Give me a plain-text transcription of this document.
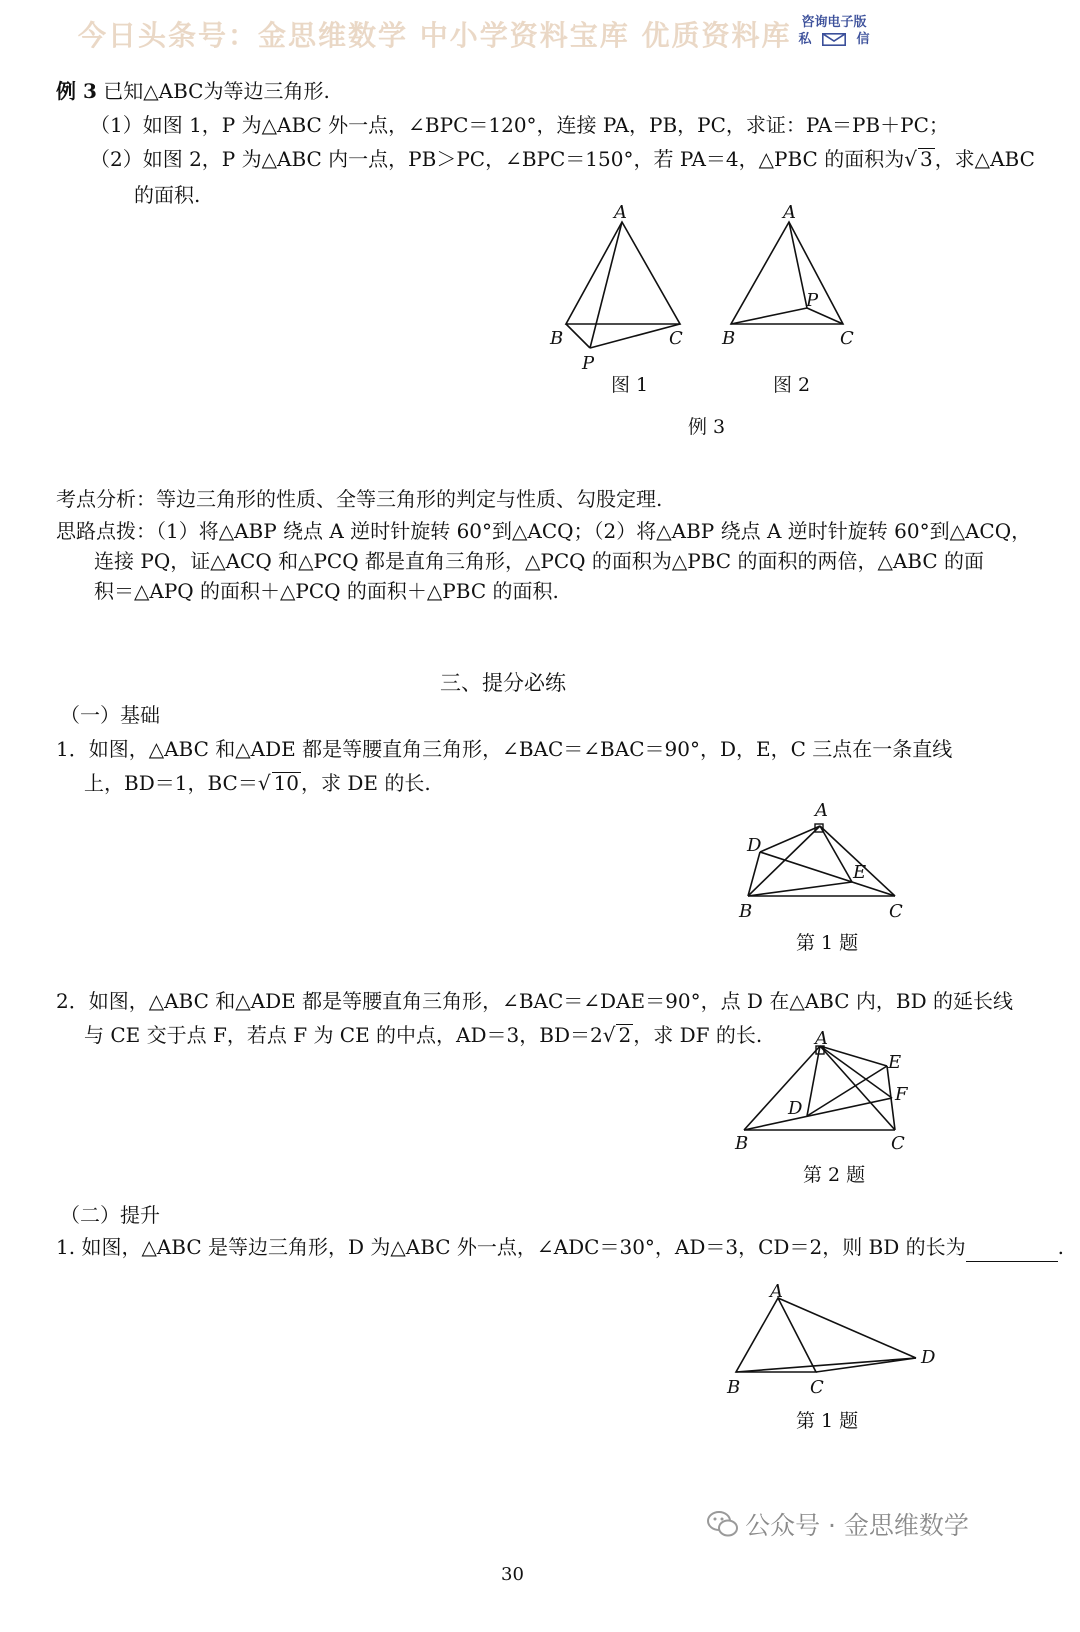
今日头条号：金思维数学 中小学资料宝库 优质资料库 咨询电子版
私	信
例 3 已知△ABC为等边三角形.
（1）如图 1，P 为△ABC 外一点，∠BPC＝120°，连接 PA，PB，PC，求证：PA＝PB＋PC；
（2）如图 2，P 为△ABC 内一点，PB＞PC，∠BPC＝150°，若 PA＝4，△PBC 的面积为√ 3 ，求△ABC
的面积.
A
B	C
P
图 1
A
P
B	C
图 2
例 3
考点分析：等边三角形的性质、全等三角形的判定与性质、勾股定理.
思路点拨：（1）将△ABP 绕点 A 逆时针旋转 60°到△ACQ；（2）将△ABP 绕点 A 逆时针旋转 60°到△ACQ，
连接 PQ，证△ACQ 和△PCQ 都是直角三角形，△PCQ 的面积为△PBC 的面积的两倍，△ABC 的面
积＝△APQ 的面积＋△PCQ 的面积＋△PBC 的面积.
三、提分必练
（一）基础
1．如图，△ABC 和△ADE 都是等腰直角三角形，∠BAC＝∠BAC＝90°，D，E，C 三点在一条直线
上，BD＝1，BC＝√ 10 ，求 DE 的长.
A
D
E
B	C
第 1 题
2．如图，△ABC 和△ADE 都是等腰直角三角形，∠BAC＝∠DAE＝90°，点 D 在△ABC 内，BD 的延长线
与 CE 交于点 F，若点 F 为 CE 的中点，AD＝3，BD＝2√ 2 ，求 DF 的长.	A
E
F
D
B	C
第 2 题
（二）提升
1. 如图，△ABC 是等边三角形，D 为△ABC 外一点，∠ADC＝30°，AD＝3，CD＝2，则 BD 的长为	.
A
D
B	C
第 1 题
公众号 · 金思维数学
30
